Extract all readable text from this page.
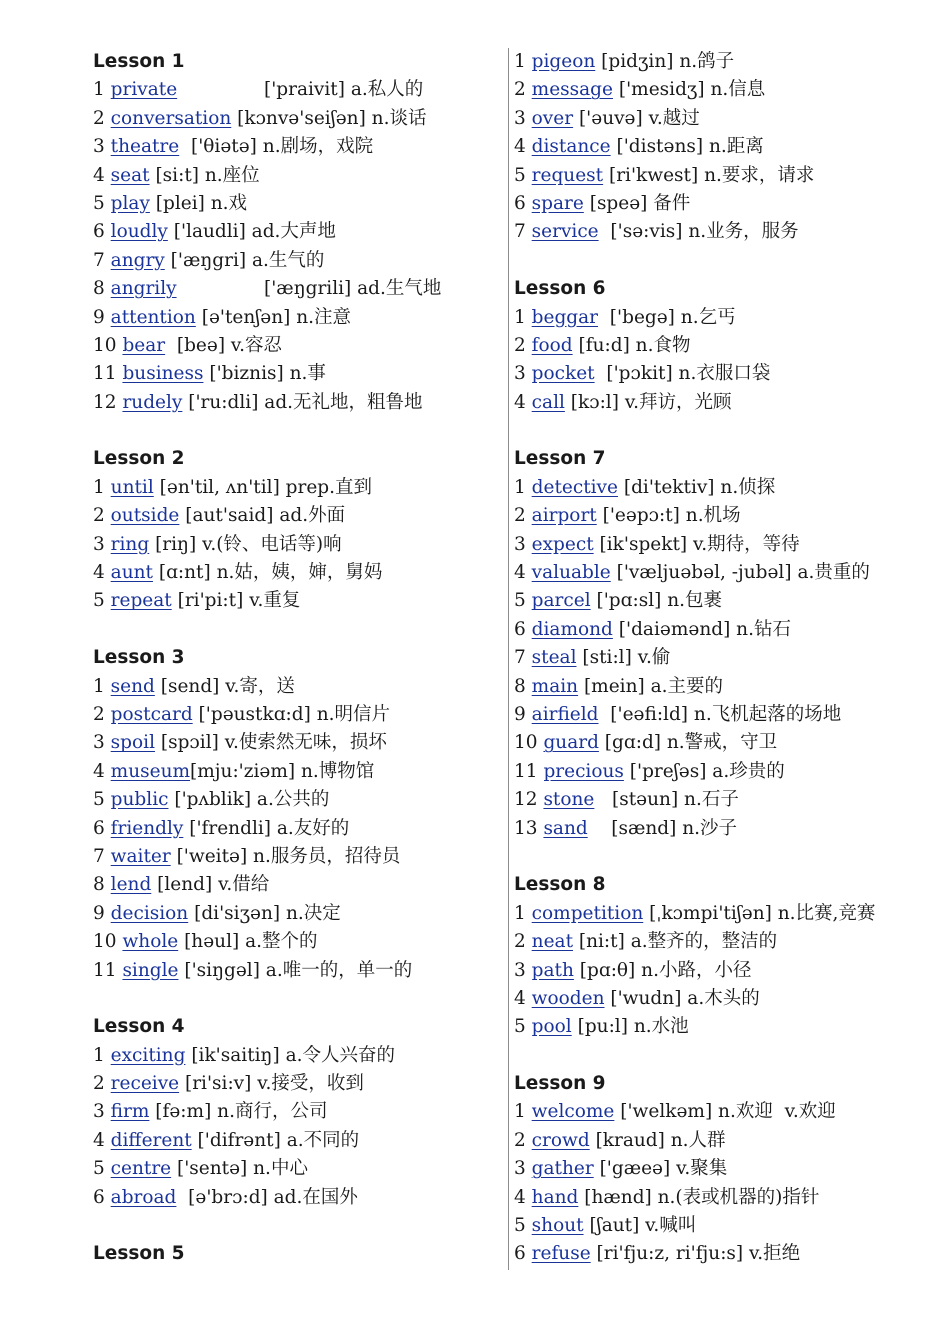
Lesson 1
1 private	['praivit] a.私人的
2 conversation [kɔnvə'seiʃən] n.谈话
3 theatre  ['θiətə] n.剧场，戏院
4 seat [si:t] n.座位
5 play [plei] n.戏
6 loudly ['laudli] ad.大声地
7 angry ['æŋgri] a.生气的
8 angrily	['æŋgrili] ad.生气地
9 attention [ə'tenʃən] n.注意
10 bear  [beə] v.容忍
11 business ['biznis] n.事
12 rudely ['ru:dli] ad.无礼地，粗鲁地
Lesson 2
1 until [ən'til, ʌn'til] prep.直到
2 outside [aut'said] ad.外面
3 ring [riŋ] v.(铃、电话等)响
4 aunt [ɑ:nt] n.姑，姨，婶，舅妈
5 repeat [ri'pi:t] v.重复
Lesson 3
1 send [send] v.寄，送
2 postcard ['pəustkɑ:d] n.明信片
3 spoil [spɔil] v.使索然无味，损坏
4 museum[mju:'ziəm] n.博物馆
5 public ['pʌblik] a.公共的
6 friendly ['frendli] a.友好的
7 waiter ['weitə] n.服务员，招待员
8 lend [lend] v.借给
9 decision [di'siʒən] n.决定
10 whole [həul] a.整个的
11 single ['siŋgəl] a.唯一的，单一的
Lesson 4
1 exciting [ik'saitiŋ] a.令人兴奋的
2 receive [ri'si:v] v.接受，收到
3 firm [fə:m] n.商行，公司
4 different ['difrənt] a.不同的
5 centre ['sentə] n.中心
6 abroad  [ə'brɔ:d] ad.在国外
Lesson 5
1 pigeon [pidʒin] n.鸽子
2 message ['mesidʒ] n.信息
3 over ['əuvə] v.越过
4 distance ['distəns] n.距离
5 request [ri'kwest] n.要求，请求
6 spare [speə] 备件
7 service  ['sə:vis] n.业务，服务
Lesson 6
1 beggar  ['begə] n.乞丐
2 food [fu:d] n.食物
3 pocket  ['pɔkit] n.衣服口袋
4 call [kɔ:l] v.拜访，光顾
Lesson 7
1 detective [di'tektiv] n.侦探
2 airport ['eəpɔ:t] n.机场
3 expect [ik'spekt] v.期待，等待
4 valuable ['væljuəbəl, -jubəl] a.贵重的
5 parcel ['pɑ:sl] n.包裹
6 diamond ['daiəmənd] n.钻石
7 steal [sti:l] v.偷
8 main [mein] a.主要的
9 airfield  ['eəfi:ld] n.飞机起落的场地
10 guard [gɑ:d] n.警戒，守卫
11 precious ['preʃəs] a.珍贵的
12 stone   [stəun] n.石子
13 sand    [sænd] n.沙子
Lesson 8
1 competition [ˌkɔmpi'tiʃən] n.比赛,竞赛
2 neat [ni:t] a.整齐的，整洁的
3 path [pɑ:θ] n.小路，小径
4 wooden ['wudn] a.木头的
5 pool [pu:l] n.水池
Lesson 9
1 welcome ['welkəm] n.欢迎  v.欢迎
2 crowd [kraud] n.人群
3 gather ['gæeə] v.聚集
4 hand [hænd] n.(表或机器的)指针
5 shout [ʃaut] v.喊叫
6 refuse [ri'fju:z, ri'fju:s] v.拒绝
